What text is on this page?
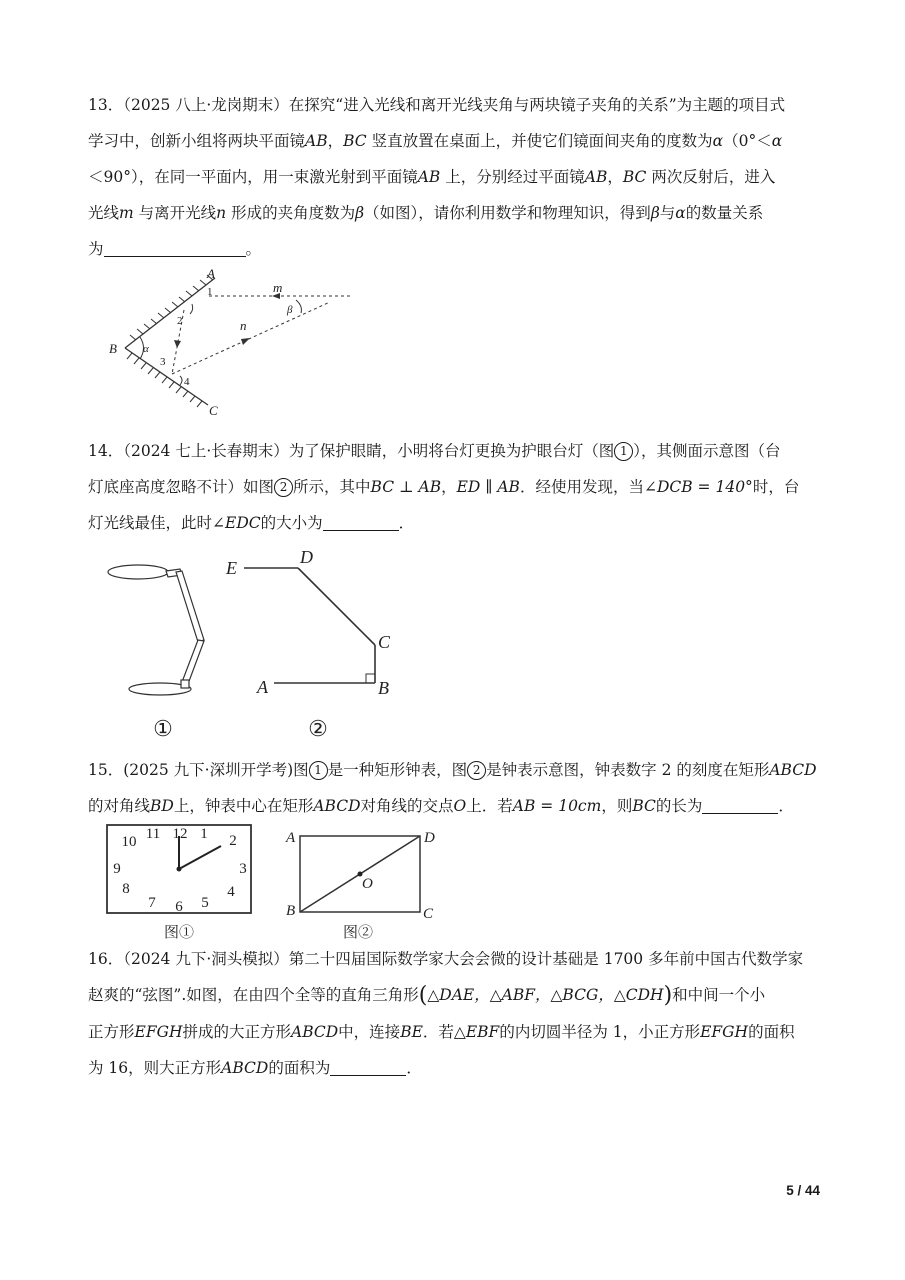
13．（2025 八上·龙岗期末）在探究“进入光线和离开光线夹角与两块镜子夹角的关系”为主题的项目式

学习中，创新小组将两块平面镜AB，BC 竖直放置在桌面上，并使它们镜面间夹角的度数为α（0°＜α

＜90°），在同一平面内，用一束激光射到平面镜AB 上，分别经过平面镜AB，BC 两次反射后，进入

光线m 与离开光线n 形成的夹角度数为β（如图），请你利用数学和物理知识，得到β与α的数量关系

为	。

A
B
C
m
n
α
β
1
2
3
4

14．（2024 七上·长春期末）为了保护眼睛，小明将台灯更换为护眼台灯（图 1 ），其侧面示意图（台

灯底座高度忽略不计）如图 2 所示，其中BC ⊥ AB，ED ∥ AB．经使用发现，当∠DCB = 140°时，台

灯光线最佳，此时∠EDC的大小为	．

①
E
D
C
A	B
②

15．(2025 九下·深圳开学考)图 1 是一种矩形钟表，图 2 是钟表示意图，钟表数字 2 的刻度在矩形ABCD

的对角线BD上，钟表中心在矩形ABCD对角线的交点O上．若AB = 10cm，则BC的长为	．

12 1 2
3
4
5
6
7
8
9
10 11
图①
A
B	C
D
O
图②

16．（2024 九下·洞头模拟）第二十四届国际数学家大会会微的设计基础是 1700 多年前中国古代数学家

赵爽的“弦图”.如图，在由四个全等的直角三角形(△DAE，△ABF，△BCG，△CDH)和中间一个小

正方形EFGH拼成的大正方形ABCD中，连接BE．若△EBF的内切圆半径为 1，小正方形EFGH的面积

为 16，则大正方形ABCD的面积为	．

5 / 44
